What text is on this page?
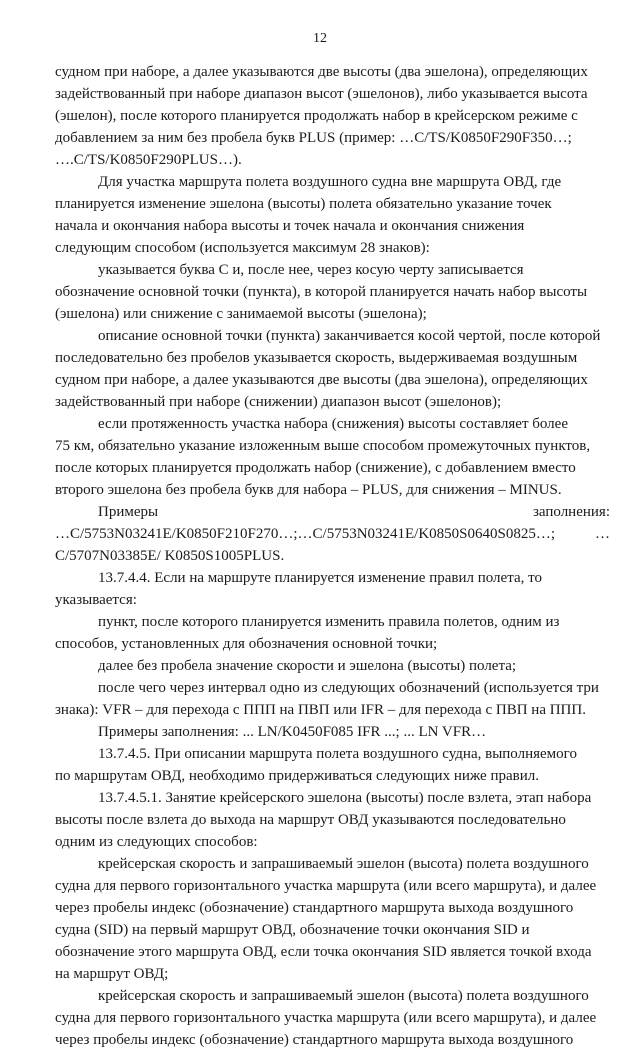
12
судном при наборе, а далее указываются две высоты (два эшелона), определяющих
задействованный при наборе диапазон высот (эшелонов), либо указывается высота
(эшелон), после которого планируется продолжать набор в крейсерском режиме с
добавлением за ним без пробела букв PLUS (пример: …C/TS/K0850F290F350…;
….C/TS/K0850F290PLUS…).
Для участка маршрута полета воздушного судна вне маршрута ОВД, где
планируется изменение эшелона (высоты) полета обязательно указание точек
начала и окончания набора высоты и точек начала и окончания снижения
следующим способом (используется максимум 28 знаков):
указывается буква С и, после нее, через косую черту записывается
обозначение основной точки (пункта), в которой планируется начать набор высоты
(эшелона) или снижение с занимаемой высоты (эшелона);
описание основной точки (пункта) заканчивается косой чертой, после которой
последовательно без пробелов указывается скорость, выдерживаемая воздушным
судном при наборе, а далее указываются две высоты (два эшелона), определяющих
задействованный при наборе (снижении) диапазон высот (эшелонов);
если протяженность участка набора (снижения) высоты составляет более
75 км, обязательно указание изложенным выше способом промежуточных пунктов,
после которых планируется продолжать набор (снижение), с добавлением вместо
второго эшелона без пробела букв для набора – PLUS, для снижения – MINUS.
Примеры	заполнения:
…C/5753N03241E/K0850F210F270…;…C/5753N03241E/K0850S0640S0825…;	…
C/5707N03385E/ K0850S1005PLUS.
13.7.4.4. Если на маршруте планируется изменение правил полета, то
указывается:
пункт, после которого планируется изменить правила полетов, одним из
способов, установленных для обозначения основной точки;
далее без пробела значение скорости и эшелона (высоты) полета;
после чего через интервал одно из следующих обозначений (используется три
знака): VFR – для перехода с ППП на ПВП или IFR – для перехода с ПВП на ППП.
Примеры заполнения: ... LN/K0450F085 IFR ...; ... LN VFR…
13.7.4.5. При описании маршрута полета воздушного судна, выполняемого
по маршрутам ОВД, необходимо придерживаться следующих ниже правил.
13.7.4.5.1. Занятие крейсерского эшелона (высоты) после взлета, этап набора
высоты после взлета до выхода на маршрут ОВД указываются последовательно
одним из следующих способов:
крейсерская скорость и запрашиваемый эшелон (высота) полета воздушного
судна для первого горизонтального участка маршрута (или всего маршрута), и далее
через пробелы индекс (обозначение) стандартного маршрута выхода воздушного
судна (SID) на первый маршрут ОВД, обозначение точки окончания SID и
обозначение этого маршрута ОВД, если точка окончания SID является точкой входа
на маршрут ОВД;
крейсерская скорость и запрашиваемый эшелон (высота) полета воздушного
судна для первого горизонтального участка маршрута (или всего маршрута), и далее
через пробелы индекс (обозначение) стандартного маршрута выхода воздушного
